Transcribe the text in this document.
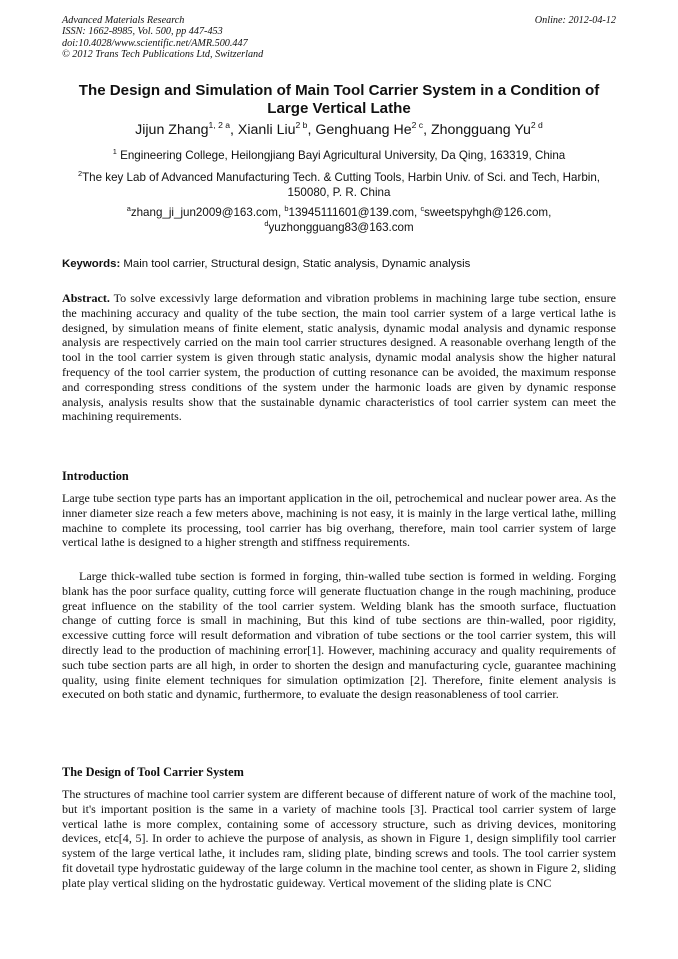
Advanced Materials Research
ISSN: 1662-8985, Vol. 500, pp 447-453
doi:10.4028/www.scientific.net/AMR.500.447
© 2012 Trans Tech Publications Ltd, Switzerland
Online: 2012-04-12
The Design and Simulation of Main Tool Carrier System in a Condition of Large Vertical Lathe
Jijun Zhang$^{1, 2 a}$, Xianli Liu$^{2 b}$, Genghuang $He^{2 c}$, Zhongguang $Yu^{2 d}$
$^1$ Engineering College, Heilongjiang Bayi Agricultural University, Da Qing, 163319, China
$^2$The key Lab of Advanced Manufacturing Tech. & Cutting Tools, Harbin Univ. of Sci. and Tech, Harbin, 150080, P. R. China
$^a$zhang_ji_jun2009@163.com, $^b$13945111601@139.com, $^c$sweetspyhgh@126.com,
$^d$yuzhongguang83@163.com
Keywords: Main tool carrier, Structural design, Static analysis, Dynamic analysis
Abstract. To solve excessivly large deformation and vibration problems in machining large tube section, ensure the machining accuracy and quality of the tube section, the main tool carrier system of a large vertical lathe is designed, by simulation means of finite element, static analysis, dynamic modal analysis and dynamic response analysis are respectively carried on the main tool carrier structures designed. A reasonable overhang length of the tool in the tool carrier system is given through static analysis, dynamic modal analysis show the higher natural frequency of the tool carrier system, the production of cutting resonance can be avoided, the maximum response and corresponding stress conditions of the system under the harmonic loads are given by dynamic response analysis, analysis results show that the sustainable dynamic characteristics of tool carrier system can meet the machining requirements.
Introduction
Large tube section type parts has an important application in the oil, petrochemical and nuclear power area. As the inner diameter size reach a few meters above, machining is not easy, it is mainly in the large vertical lathe, milling machine to complete its processing, tool carrier has big overhang, therefore, main tool carrier system of large vertical lathe is designed to a higher strength and stiffness requirements.
Large thick-walled tube section is formed in forging, thin-walled tube section is formed in welding. Forging blank has the poor surface quality, cutting force will generate fluctuation change in the rough machining, produce great influence on the stability of the tool carrier system. Welding blank has the smooth surface, fluctuation change of cutting force is small in machining, But this kind of tube sections are thin-walled, poor rigidity, excessive cutting force will result deformation and vibration of tube sections or the tool carrier system, this will directly lead to the production of machining error[1]. However, machining accuracy and quality requirements of such tube section parts are all high, in order to shorten the design and manufacturing cycle, guarantee machining quality, using finite element techniques for simulation optimization [2]. Therefore, finite element analysis is executed on both static and dynamic, furthermore, to evaluate the design reasonableness of tool carrier.
The Design of Tool Carrier System
The structures of machine tool carrier system are different because of different nature of work of the machine tool, but it's important position is the same in a variety of machine tools [3]. Practical tool carrier system of large vertical lathe is more complex, containing some of accessory structure, such as driving devices, monitoring devices, etc[4, 5]. In order to achieve the purpose of analysis, as shown in Figure 1, design simplifily tool carrier system of the large vertical lathe, it includes ram, sliding plate, binding screws and tools. The tool carrier system fit dovetail type hydrostatic guideway of the large column in the machine tool center, as shown in Figure 2, sliding plate play vertical sliding on the hydrostatic guideway. Vertical movement of the sliding plate is CNC
